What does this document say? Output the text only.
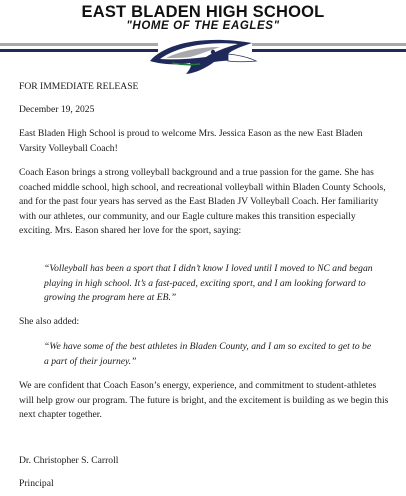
EAST BLADEN HIGH SCHOOL
"HOME OF THE EAGLES"

FOR IMMEDIATE RELEASE

December 19, 2025

East Bladen High School is proud to welcome Mrs. Jessica Eason as the new East Bladen Varsity Volleyball Coach!

Coach Eason brings a strong volleyball background and a true passion for the game. She has coached middle school, high school, and recreational volleyball within Bladen County Schools, and for the past four years has served as the East Bladen JV Volleyball Coach. Her familiarity with our athletes, our community, and our Eagle culture makes this transition especially exciting. Mrs. Eason shared her love for the sport, saying:

“Volleyball has been a sport that I didn’t know I loved until I moved to NC and began playing in high school. It’s a fast-paced, exciting sport, and I am looking forward to growing the program here at EB.”

She also added:

“We have some of the best athletes in Bladen County, and I am so excited to get to be a part of their journey.”

We are confident that Coach Eason’s energy, experience, and commitment to student-athletes will help grow our program. The future is bright, and the excitement is building as we begin this next chapter together.

Dr. Christopher S. Carroll

Principal
